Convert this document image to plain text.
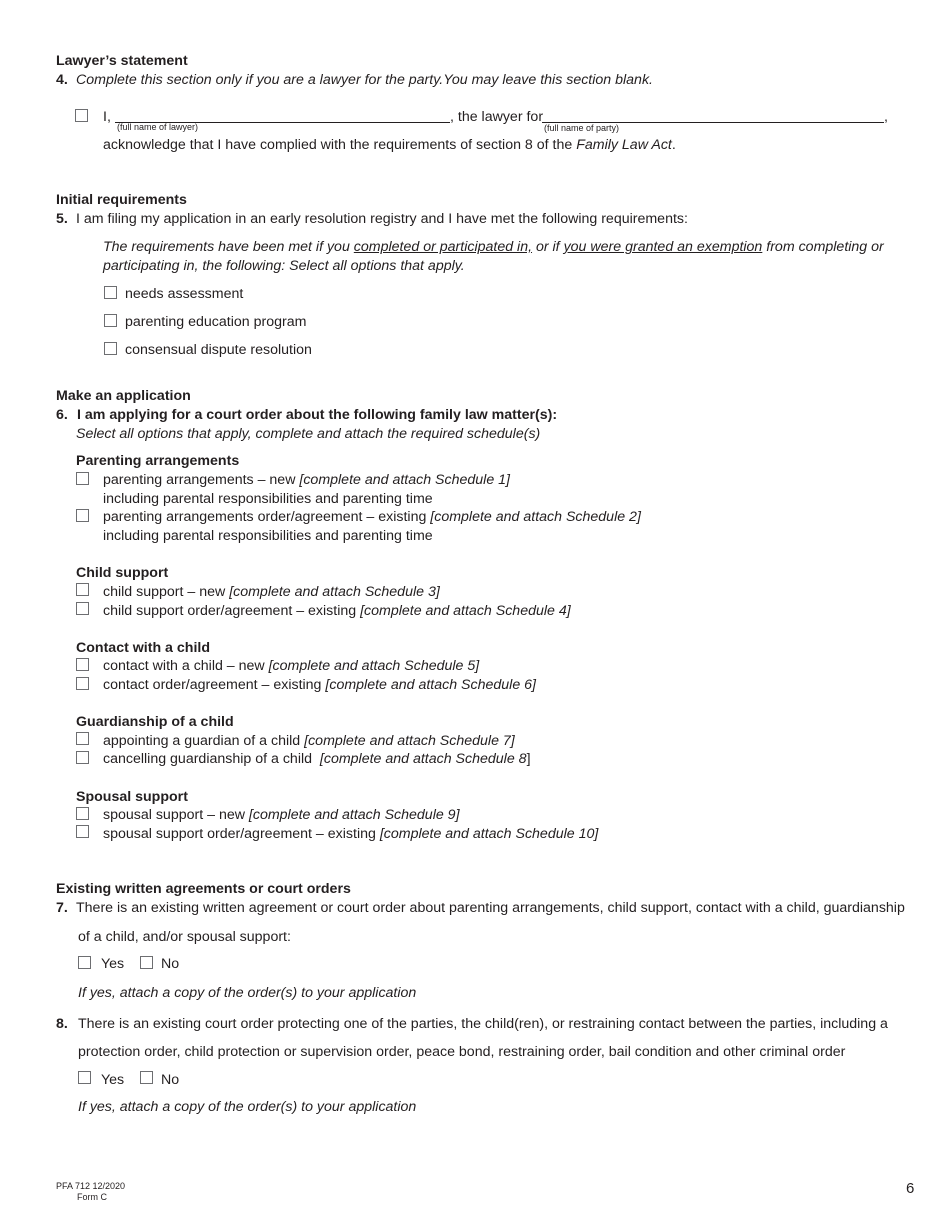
Lawyer’s statement
4. Complete this section only if you are a lawyer for the party.You may leave this section blank.
I,
(full name of lawyer)
, the lawyer for
(full name of party)
,
acknowledge that I have complied with the requirements of section 8 of the Family Law Act.
Initial requirements
5. I am filing my application in an early resolution registry and I have met the following requirements:
The requirements have been met if you completed or participated in, or if you were granted an exemption from completing or participating in, the following: Select all options that apply.
needs assessment
parenting education program
consensual dispute resolution
Make an application
6. I am applying for a court order about the following family law matter(s):
Select all options that apply, complete and attach the required schedule(s)
Parenting arrangements
parenting arrangements – new [complete and attach Schedule 1]
including parental responsibilities and parenting time
parenting arrangements order/agreement – existing [complete and attach Schedule 2]
including parental responsibilities and parenting time
Child support
child support – new [complete and attach Schedule 3]
child support order/agreement – existing [complete and attach Schedule 4]
Contact with a child
contact with a child – new [complete and attach Schedule 5]
contact order/agreement – existing [complete and attach Schedule 6]
Guardianship of a child
appointing a guardian of a child [complete and attach Schedule 7]
cancelling guardianship of a child  [complete and attach Schedule 8]
Spousal support
spousal support – new [complete and attach Schedule 9]
spousal support order/agreement – existing [complete and attach Schedule 10]
Existing written agreements or court orders
7. There is an existing written agreement or court order about parenting arrangements, child support, contact with a child, guardianship
of a child, and/or spousal support:
Yes	No
If yes, attach a copy of the order(s) to your application
8. There is an existing court order protecting one of the parties, the child(ren), or restraining contact between the parties, including a
protection order, child protection or supervision order, peace bond, restraining order, bail condition and other criminal order
Yes	No
If yes, attach a copy of the order(s) to your application
PFA 712 12/2020
Form C	6
